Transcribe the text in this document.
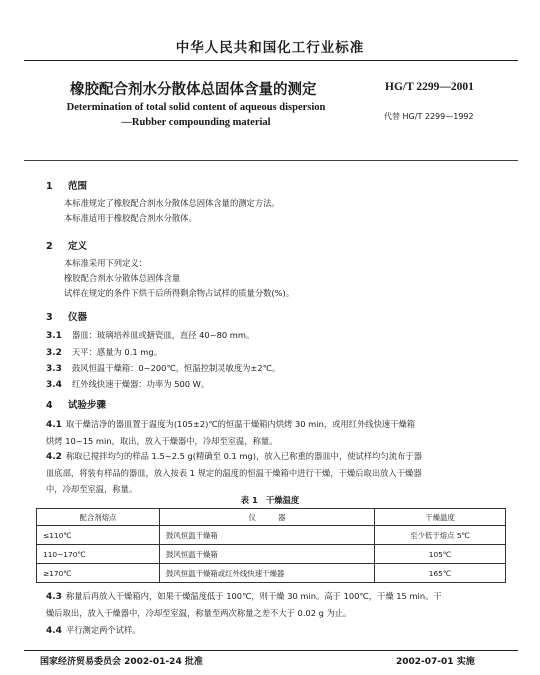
中华人民共和国化工行业标准
橡胶配合剂水分散体总固体含量的测定	HG/T 2299—2001
Determination of total solid content of aqueous dispersion
—Rubber compounding material
代替 HG/T 2299—1992
1 范围
本标准规定了橡胶配合剂水分散体总固体含量的测定方法。
本标准适用于橡胶配合剂水分散体。
2 定义
本标准采用下列定义：
橡胶配合剂水分散体总固体含量
试样在规定的条件下烘干后所得剩余物占试样的质量分数(%)。
3 仪器
3.1 器皿：玻璃培养皿或搪瓷皿，直径 40~80 mm。
3.2 天平：感量为 0.1 mg。
3.3 鼓风恒温干燥箱：0~200℃，恒温控制灵敏度为±2℃。
3.4 红外线快速干燥器：功率为 500 W。
4 试验步骤
4.1 取干燥洁净的器皿置于温度为(105±2)℃的恒温干燥箱内烘烤 30 min，或用红外线快速干燥箱
烘烤 10~15 min，取出，放入干燥器中，冷却至室温，称量。
4.2 称取已搅拌均匀的样品 1.5~2.5 g(精确至 0.1 mg)，放入已称重的器皿中，使试样均匀流布于器
皿底部，将装有样品的器皿，放入按表 1 规定的温度的恒温干燥箱中进行干燥，干燥后取出放入干燥器
中，冷却至室温，称量。
表 1　干燥温度
配合剂熔点	仪　　　器	干燥温度
≤110℃	鼓风恒温干燥箱	至少低于熔点 5℃
110~170℃	鼓风恒温干燥箱	105℃
≥170℃	鼓风恒温干燥箱或红外线快速干燥器	165℃
4.3 称量后再放入干燥箱内，如果干燥温度低于 100℃，则干燥 30 min。高于 100℃，干燥 15 min。干
燥后取出，放入干燥器中，冷却至室温，称量至两次称量之差不大于 0.02 g 为止。
4.4 平行测定两个试样。
国家经济贸易委员会 2002-01-24 批准	2002-07-01 实施
